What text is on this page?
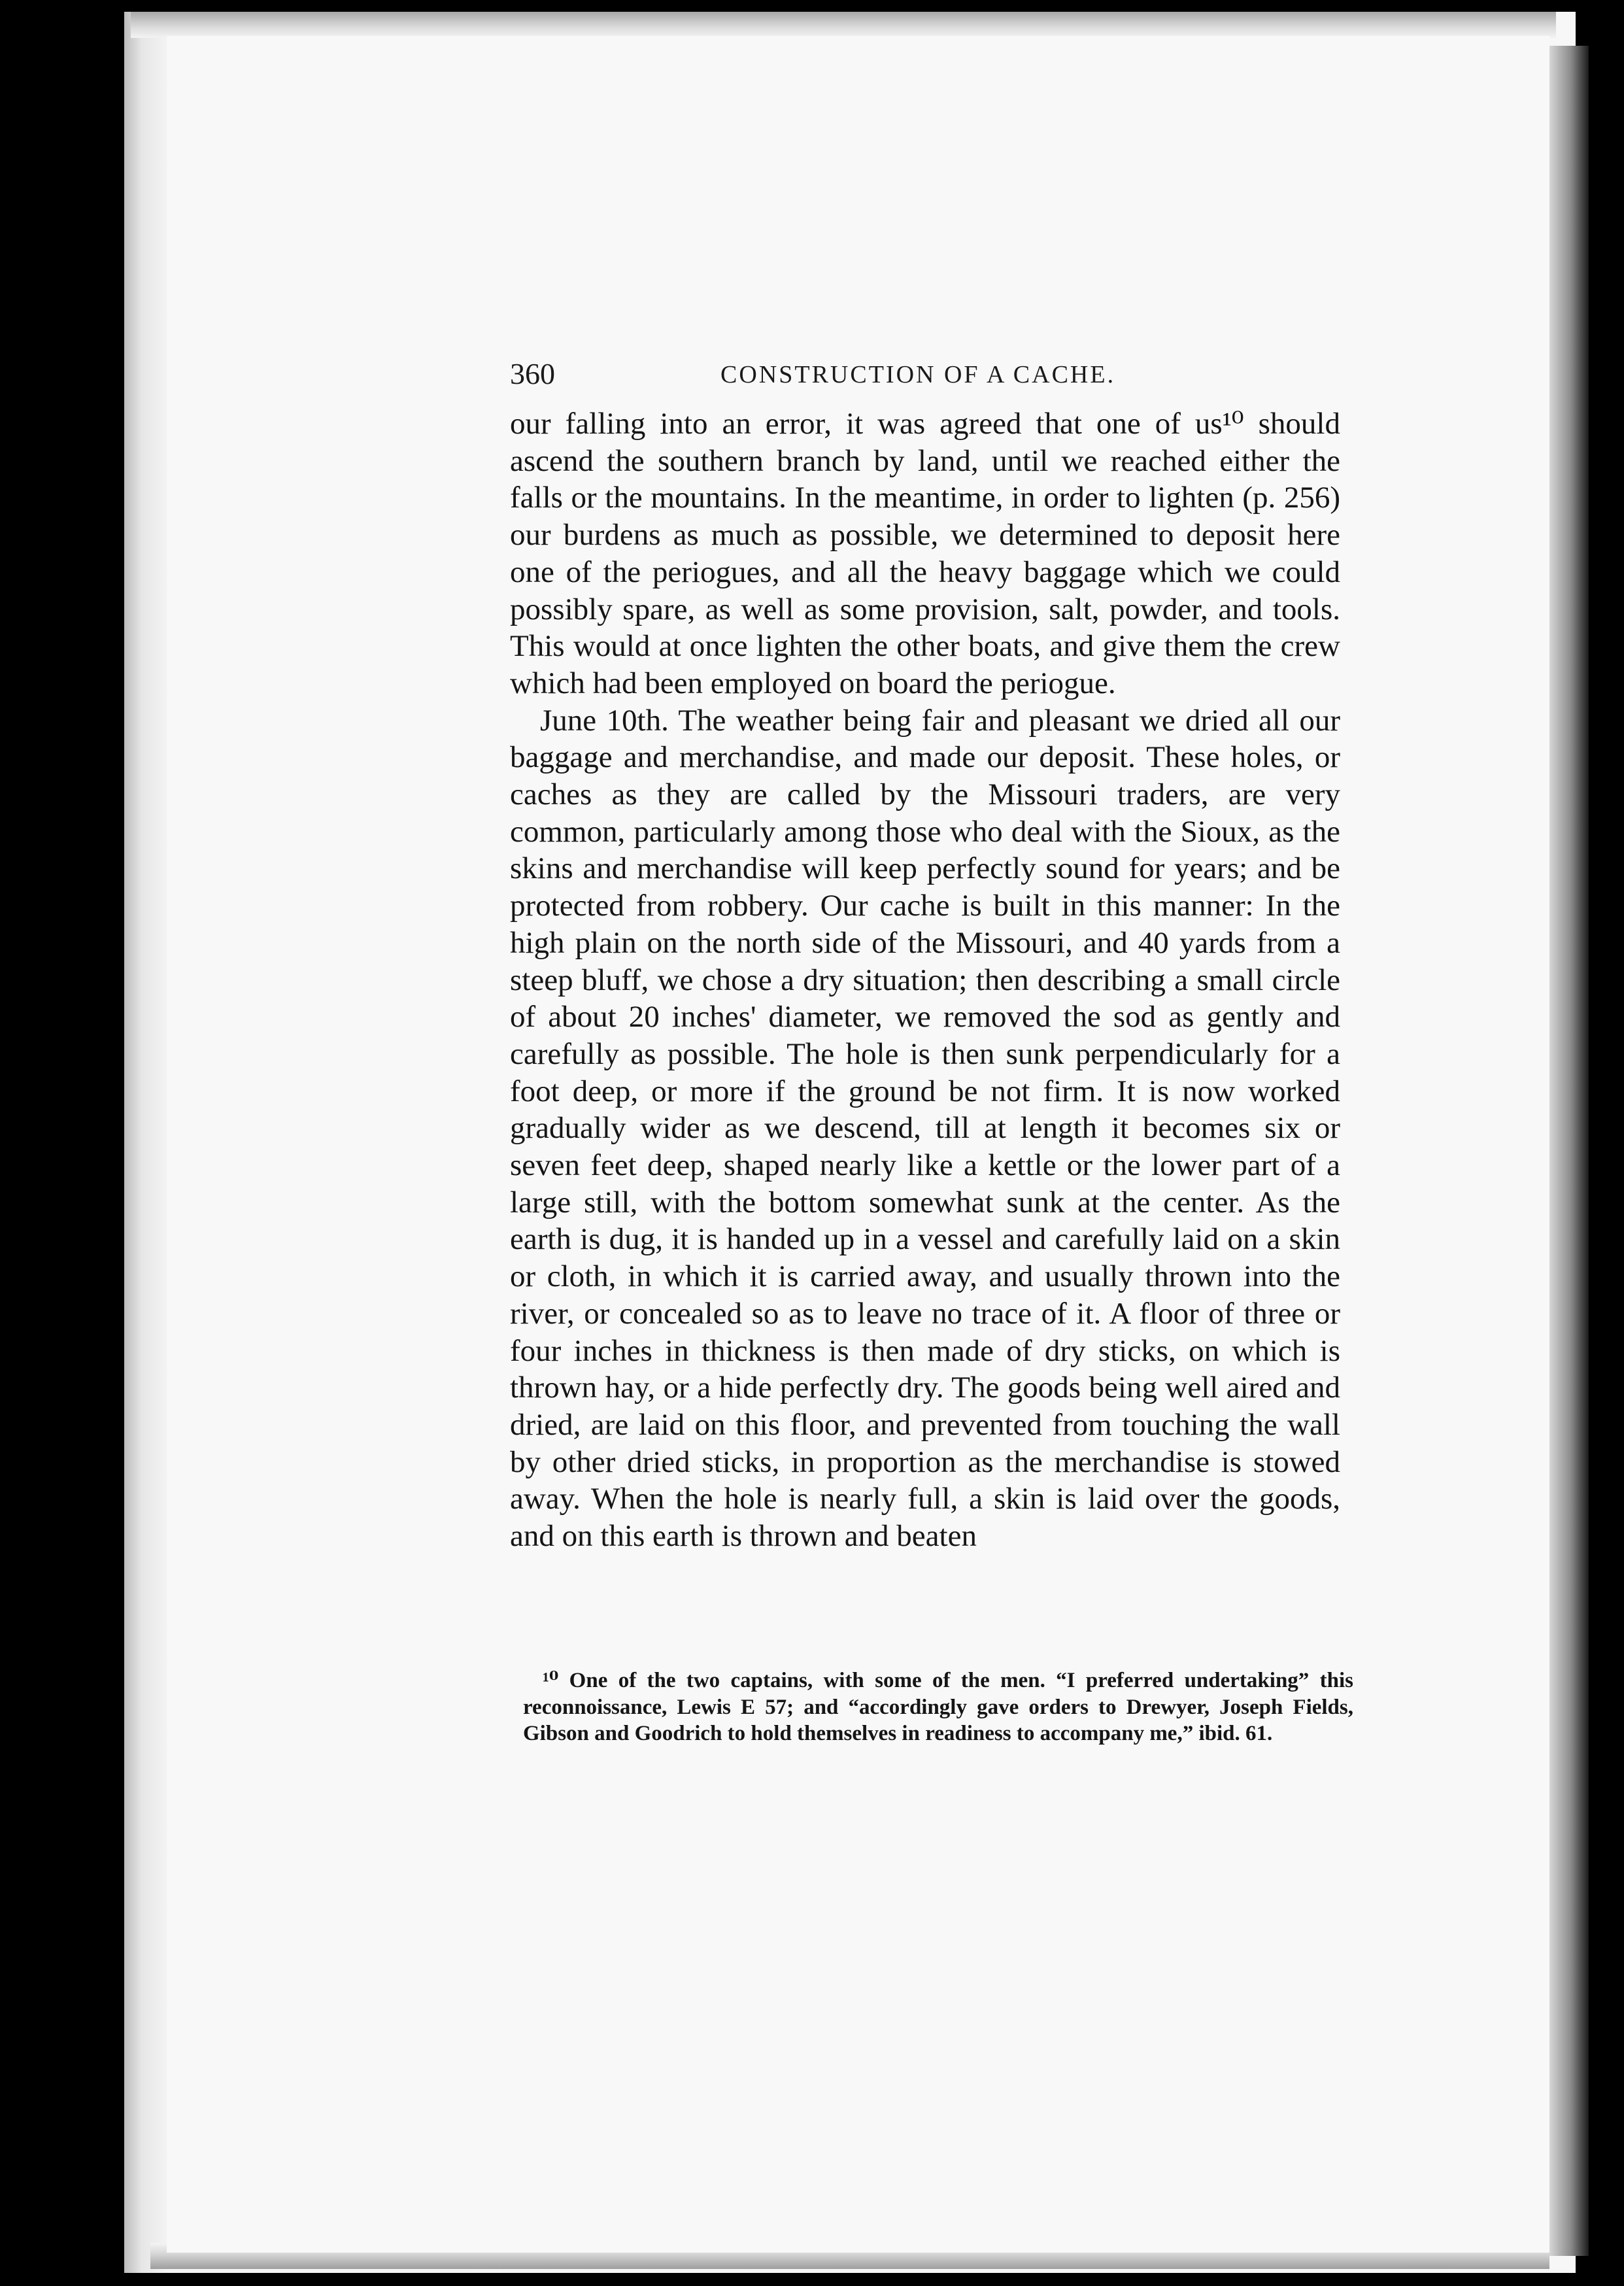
360	CONSTRUCTION OF A CACHE.

our falling into an error, it was agreed that one of us¹⁰ should ascend the southern branch by land, until we reached either the falls or the mountains. In the meantime, in order to lighten (p. 256) our burdens as much as possible, we determined to deposit here one of the periogues, and all the heavy baggage which we could possibly spare, as well as some provision, salt, powder, and tools. This would at once lighten the other boats, and give them the crew which had been employed on board the periogue.

June 10th. The weather being fair and pleasant we dried all our baggage and merchandise, and made our deposit. These holes, or caches as they are called by the Missouri traders, are very common, particularly among those who deal with the Sioux, as the skins and merchandise will keep perfectly sound for years; and be protected from robbery. Our cache is built in this manner: In the high plain on the north side of the Missouri, and 40 yards from a steep bluff, we chose a dry situation; then describing a small circle of about 20 inches' diameter, we removed the sod as gently and carefully as possible. The hole is then sunk perpendicularly for a foot deep, or more if the ground be not firm. It is now worked gradually wider as we descend, till at length it becomes six or seven feet deep, shaped nearly like a kettle or the lower part of a large still, with the bottom somewhat sunk at the center. As the earth is dug, it is handed up in a vessel and carefully laid on a skin or cloth, in which it is carried away, and usually thrown into the river, or concealed so as to leave no trace of it. A floor of three or four inches in thickness is then made of dry sticks, on which is thrown hay, or a hide perfectly dry. The goods being well aired and dried, are laid on this floor, and prevented from touching the wall by other dried sticks, in proportion as the merchandise is stowed away. When the hole is nearly full, a skin is laid over the goods, and on this earth is thrown and beaten

¹⁰ One of the two captains, with some of the men. “I preferred undertaking” this reconnoissance, Lewis E 57; and “accordingly gave orders to Drewyer, Joseph Fields, Gibson and Goodrich to hold themselves in readiness to accompany me,” ibid. 61.
